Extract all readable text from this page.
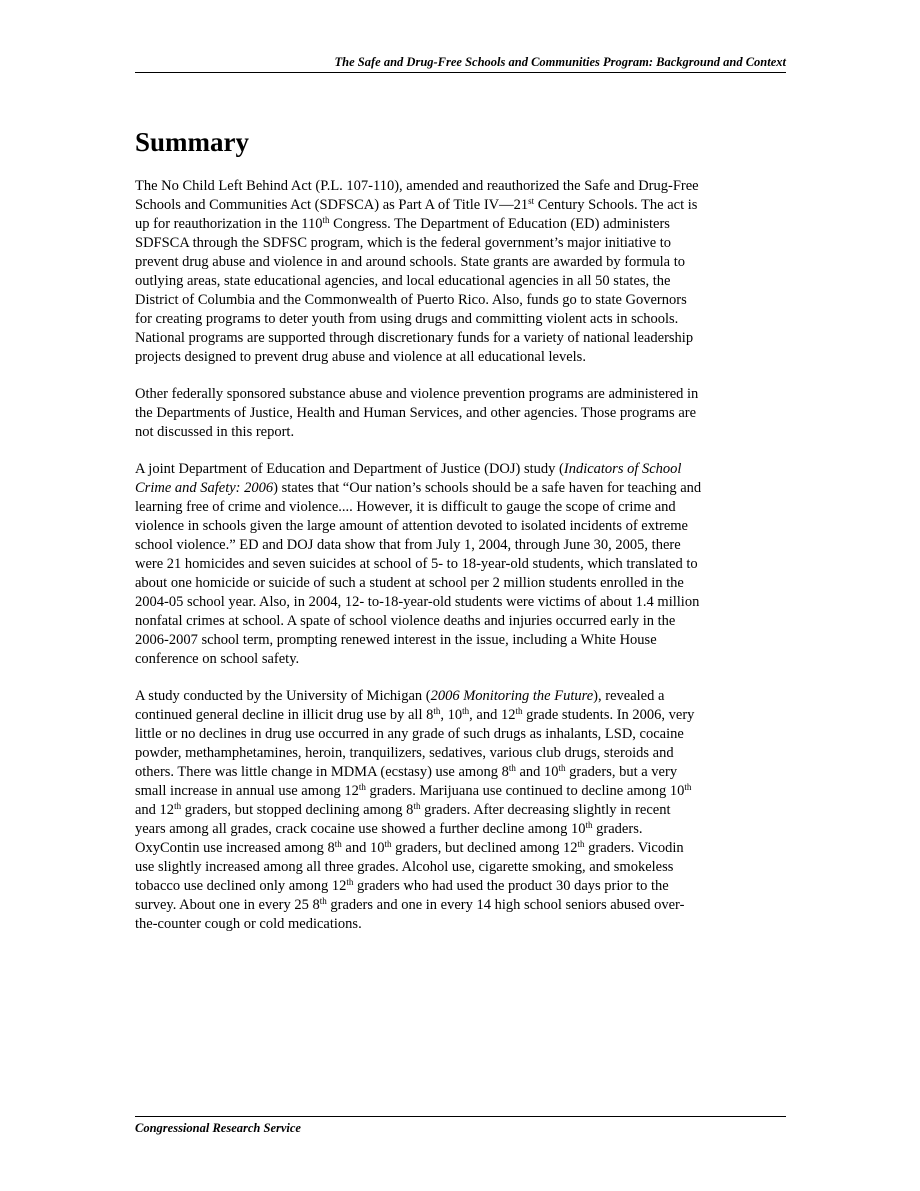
The Safe and Drug-Free Schools and Communities Program: Background and Context
Summary

The No Child Left Behind Act (P.L. 107-110), amended and reauthorized the Safe and Drug-Free
Schools and Communities Act (SDFSCA) as Part A of Title IV—21st Century Schools. The act is
up for reauthorization in the 110th Congress. The Department of Education (ED) administers
SDFSCA through the SDFSC program, which is the federal government’s major initiative to
prevent drug abuse and violence in and around schools. State grants are awarded by formula to
outlying areas, state educational agencies, and local educational agencies in all 50 states, the
District of Columbia and the Commonwealth of Puerto Rico. Also, funds go to state Governors
for creating programs to deter youth from using drugs and committing violent acts in schools.
National programs are supported through discretionary funds for a variety of national leadership
projects designed to prevent drug abuse and violence at all educational levels.

Other federally sponsored substance abuse and violence prevention programs are administered in
the Departments of Justice, Health and Human Services, and other agencies. Those programs are
not discussed in this report.

A joint Department of Education and Department of Justice (DOJ) study (Indicators of School
Crime and Safety: 2006) states that “Our nation’s schools should be a safe haven for teaching and
learning free of crime and violence.... However, it is difficult to gauge the scope of crime and
violence in schools given the large amount of attention devoted to isolated incidents of extreme
school violence.” ED and DOJ data show that from July 1, 2004, through June 30, 2005, there
were 21 homicides and seven suicides at school of 5- to 18-year-old students, which translated to
about one homicide or suicide of such a student at school per 2 million students enrolled in the
2004-05 school year. Also, in 2004, 12- to-18-year-old students were victims of about 1.4 million
nonfatal crimes at school. A spate of school violence deaths and injuries occurred early in the
2006-2007 school term, prompting renewed interest in the issue, including a White House
conference on school safety.

A study conducted by the University of Michigan (2006 Monitoring the Future), revealed a
continued general decline in illicit drug use by all 8th, 10th, and 12th grade students. In 2006, very
little or no declines in drug use occurred in any grade of such drugs as inhalants, LSD, cocaine
powder, methamphetamines, heroin, tranquilizers, sedatives, various club drugs, steroids and
others. There was little change in MDMA (ecstasy) use among 8th and 10th graders, but a very
small increase in annual use among 12th graders. Marijuana use continued to decline among 10th
and 12th graders, but stopped declining among 8th graders. After decreasing slightly in recent
years among all grades, crack cocaine use showed a further decline among 10th graders.
OxyContin use increased among 8th and 10th graders, but declined among 12th graders. Vicodin
use slightly increased among all three grades. Alcohol use, cigarette smoking, and smokeless
tobacco use declined only among 12th graders who had used the product 30 days prior to the
survey. About one in every 25 8th graders and one in every 14 high school seniors abused over-
the-counter cough or cold medications.

Congressional Research Service
